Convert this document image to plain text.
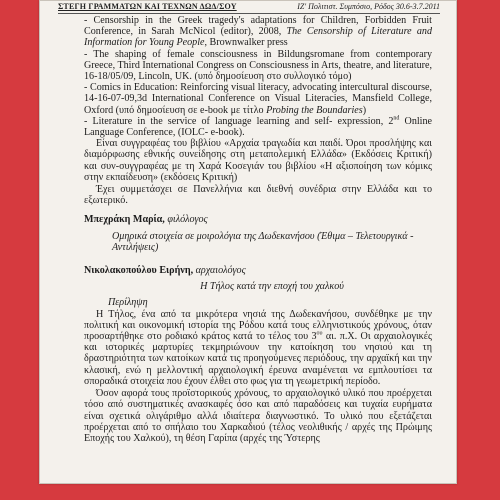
ΣΤΕΓΗ ΓΡΑΜΜΑΤΩΝ ΚΑΙ ΤΕΧΝΩΝ ΔΩΔ/ΣΟΥ	ΙΖ' Πολιτιστ. Συμπόσιο, Ρόδος 30.6-3.7.2011

- Censorship in the Greek tragedy's adaptations for Children, Forbidden Fruit Conference, in Sarah McNicol (editor), 2008, The Censorship of Literature and Information for Young People, Brownwalker press

- The shaping of female consciousness in Bildungsromane from contemporary Greece, Third International Congress on Consciousness in Arts, theatre, and literature, 16-18/05/09, Lincoln, UK. (υπό δημοσίευση στο συλλογικό τόμο)

- Comics in Education: Reinforcing visual literacy, advocating intercultural discourse, 14-16-07-09,3d International Conference on Visual Literacies, Mansfield College, Oxford (υπό δημοσίευση σε e-book με τίτλο Probing the Boundaries)

- Literature in the service of language learning and self- expression, 2nd Online Language Conference, (IOLC- e-book).

Είναι συγγραφέας του βιβλίου «Αρχαία τραγωδία και παιδί. Όροι προσλήψης και διαμόρφωσης εθνικής συνείδησης στη μεταπολεμική Ελλάδα» (Εκδόσεις Κριτική) και συν-συγγραφέας με τη Χαρά Κοσεγιάν του βιβλίου «Η αξιοποίηση των κόμικς στην εκπαίδευση» (εκδόσεις Κριτική)

Έχει συμμετάσχει σε Πανελλήνια και διεθνή συνέδρια στην Ελλάδα και το εξωτερικό.

Μπεχράκη Μαρία, φιλόλογος

Ομηρικά στοιχεία σε μοιρολόγια της Δωδεκανήσου (Έθιμα – Τελετουργικά - Αντιλήψεις)

Νικολακοπούλου Ειρήνη, αρχαιολόγος

Η Τήλος κατά την εποχή του χαλκού

Περίληψη

Η Τήλος, ένα από τα μικρότερα νησιά της Δωδεκανήσου, συνδέθηκε με την πολιτική και οικονομική ιστορία της Ρόδου κατά τους ελληνιστικούς χρόνους, όταν προσαρτήθηκε στο ροδιακό κράτος κατά το τέλος του $3^{o\upsilon}$ αι. π.Χ. Οι αρχαιολογικές και ιστορικές μαρτυρίες τεκμηριώνουν την κατοίκηση του νησιού και τη δραστηριότητα των κατοίκων κατά τις προηγούμενες περιόδους, την αρχαϊκή και την κλασική, ενώ η μελλοντική αρχαιολογική έρευνα αναμένεται να εμπλουτίσει τα σποραδικά στοιχεία που έχουν έλθει στο φως για τη γεωμετρική περίοδο.

Όσον αφορά τους προϊστορικούς χρόνους, το αρχαιολογικό υλικό που προέρχεται τόσο από συστηματικές ανασκαφές όσο και από παραδόσεις και τυχαία ευρήματα είναι σχετικά ολιγάριθμο αλλά ιδιαίτερα διαγνωστικό. Το υλικό που εξετάζεται προέρχεται από το σπήλαιο του Χαρκαδιού (τέλος νεολιθικής / αρχές της Πρώιμης Εποχής του Χαλκού), τη θέση Γαρίπα (αρχές της Ύστερης
